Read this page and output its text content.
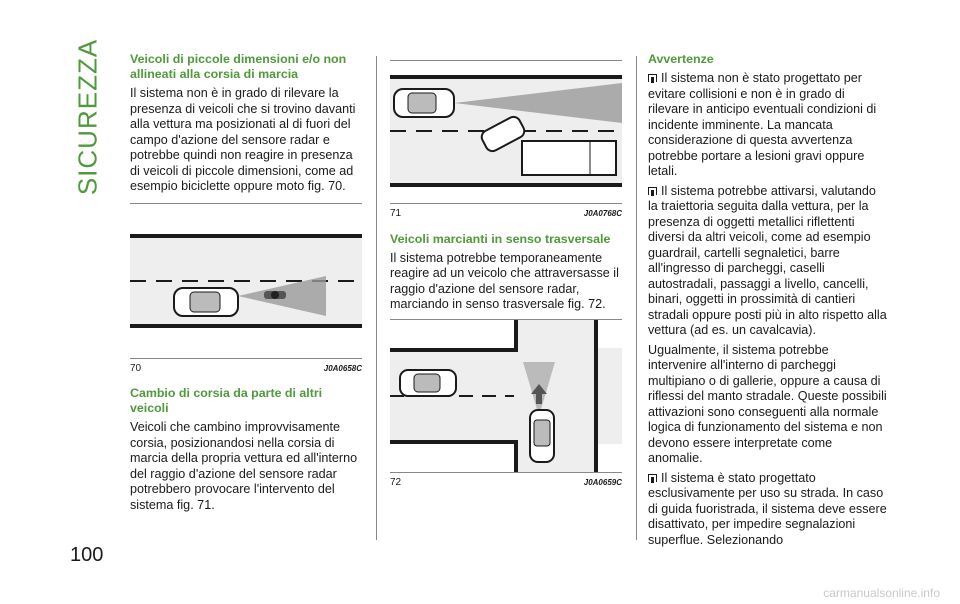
SICUREZZA
100
Veicoli di piccole dimensioni e/o non allineati alla corsia di marcia

Il sistema non è in grado di rilevare la presenza di veicoli che si trovino davanti alla vettura ma posizionati al di fuori del campo d'azione del sensore radar e potrebbe quindi non reagire in presenza di veicoli di piccole dimensioni, come ad esempio biciclette oppure moto fig. 70.

70	J0A0658C
Cambio di corsia da parte di altri veicoli

Veicoli che cambino improvvisamente corsia, posizionandosi nella corsia di marcia della propria vettura ed all'interno del raggio d'azione del sensore radar potrebbero provocare l'intervento del sistema fig. 71.

71	J0A0768C
Veicoli marcianti in senso trasversale

Il sistema potrebbe temporaneamente reagire ad un veicolo che attraversasse il raggio d'azione del sensore radar, marciando in senso trasversale fig. 72.

72	J0A0659C
Avvertenze

Il sistema non è stato progettato per evitare collisioni e non è in grado di rilevare in anticipo eventuali condizioni di incidente imminente. La mancata considerazione di questa avvertenza potrebbe portare a lesioni gravi oppure letali.

Il sistema potrebbe attivarsi, valutando la traiettoria seguita dalla vettura, per la presenza di oggetti metallici riflettenti diversi da altri veicoli, come ad esempio guardrail, cartelli segnaletici, barre all'ingresso di parcheggi, caselli autostradali, passaggi a livello, cancelli, binari, oggetti in prossimità di cantieri stradali oppure posti più in alto rispetto alla vettura (ad es. un cavalcavia).

Ugualmente, il sistema potrebbe intervenire all'interno di parcheggi multipiano o di gallerie, oppure a causa di riflessi del manto stradale. Queste possibili attivazioni sono conseguenti alla normale logica di funzionamento del sistema e non devono essere interpretate come anomalie.

Il sistema è stato progettato esclusivamente per uso su strada. In caso di guida fuoristrada, il sistema deve essere disattivato, per impedire segnalazioni superflue. Selezionando

carmanualsonline.info
